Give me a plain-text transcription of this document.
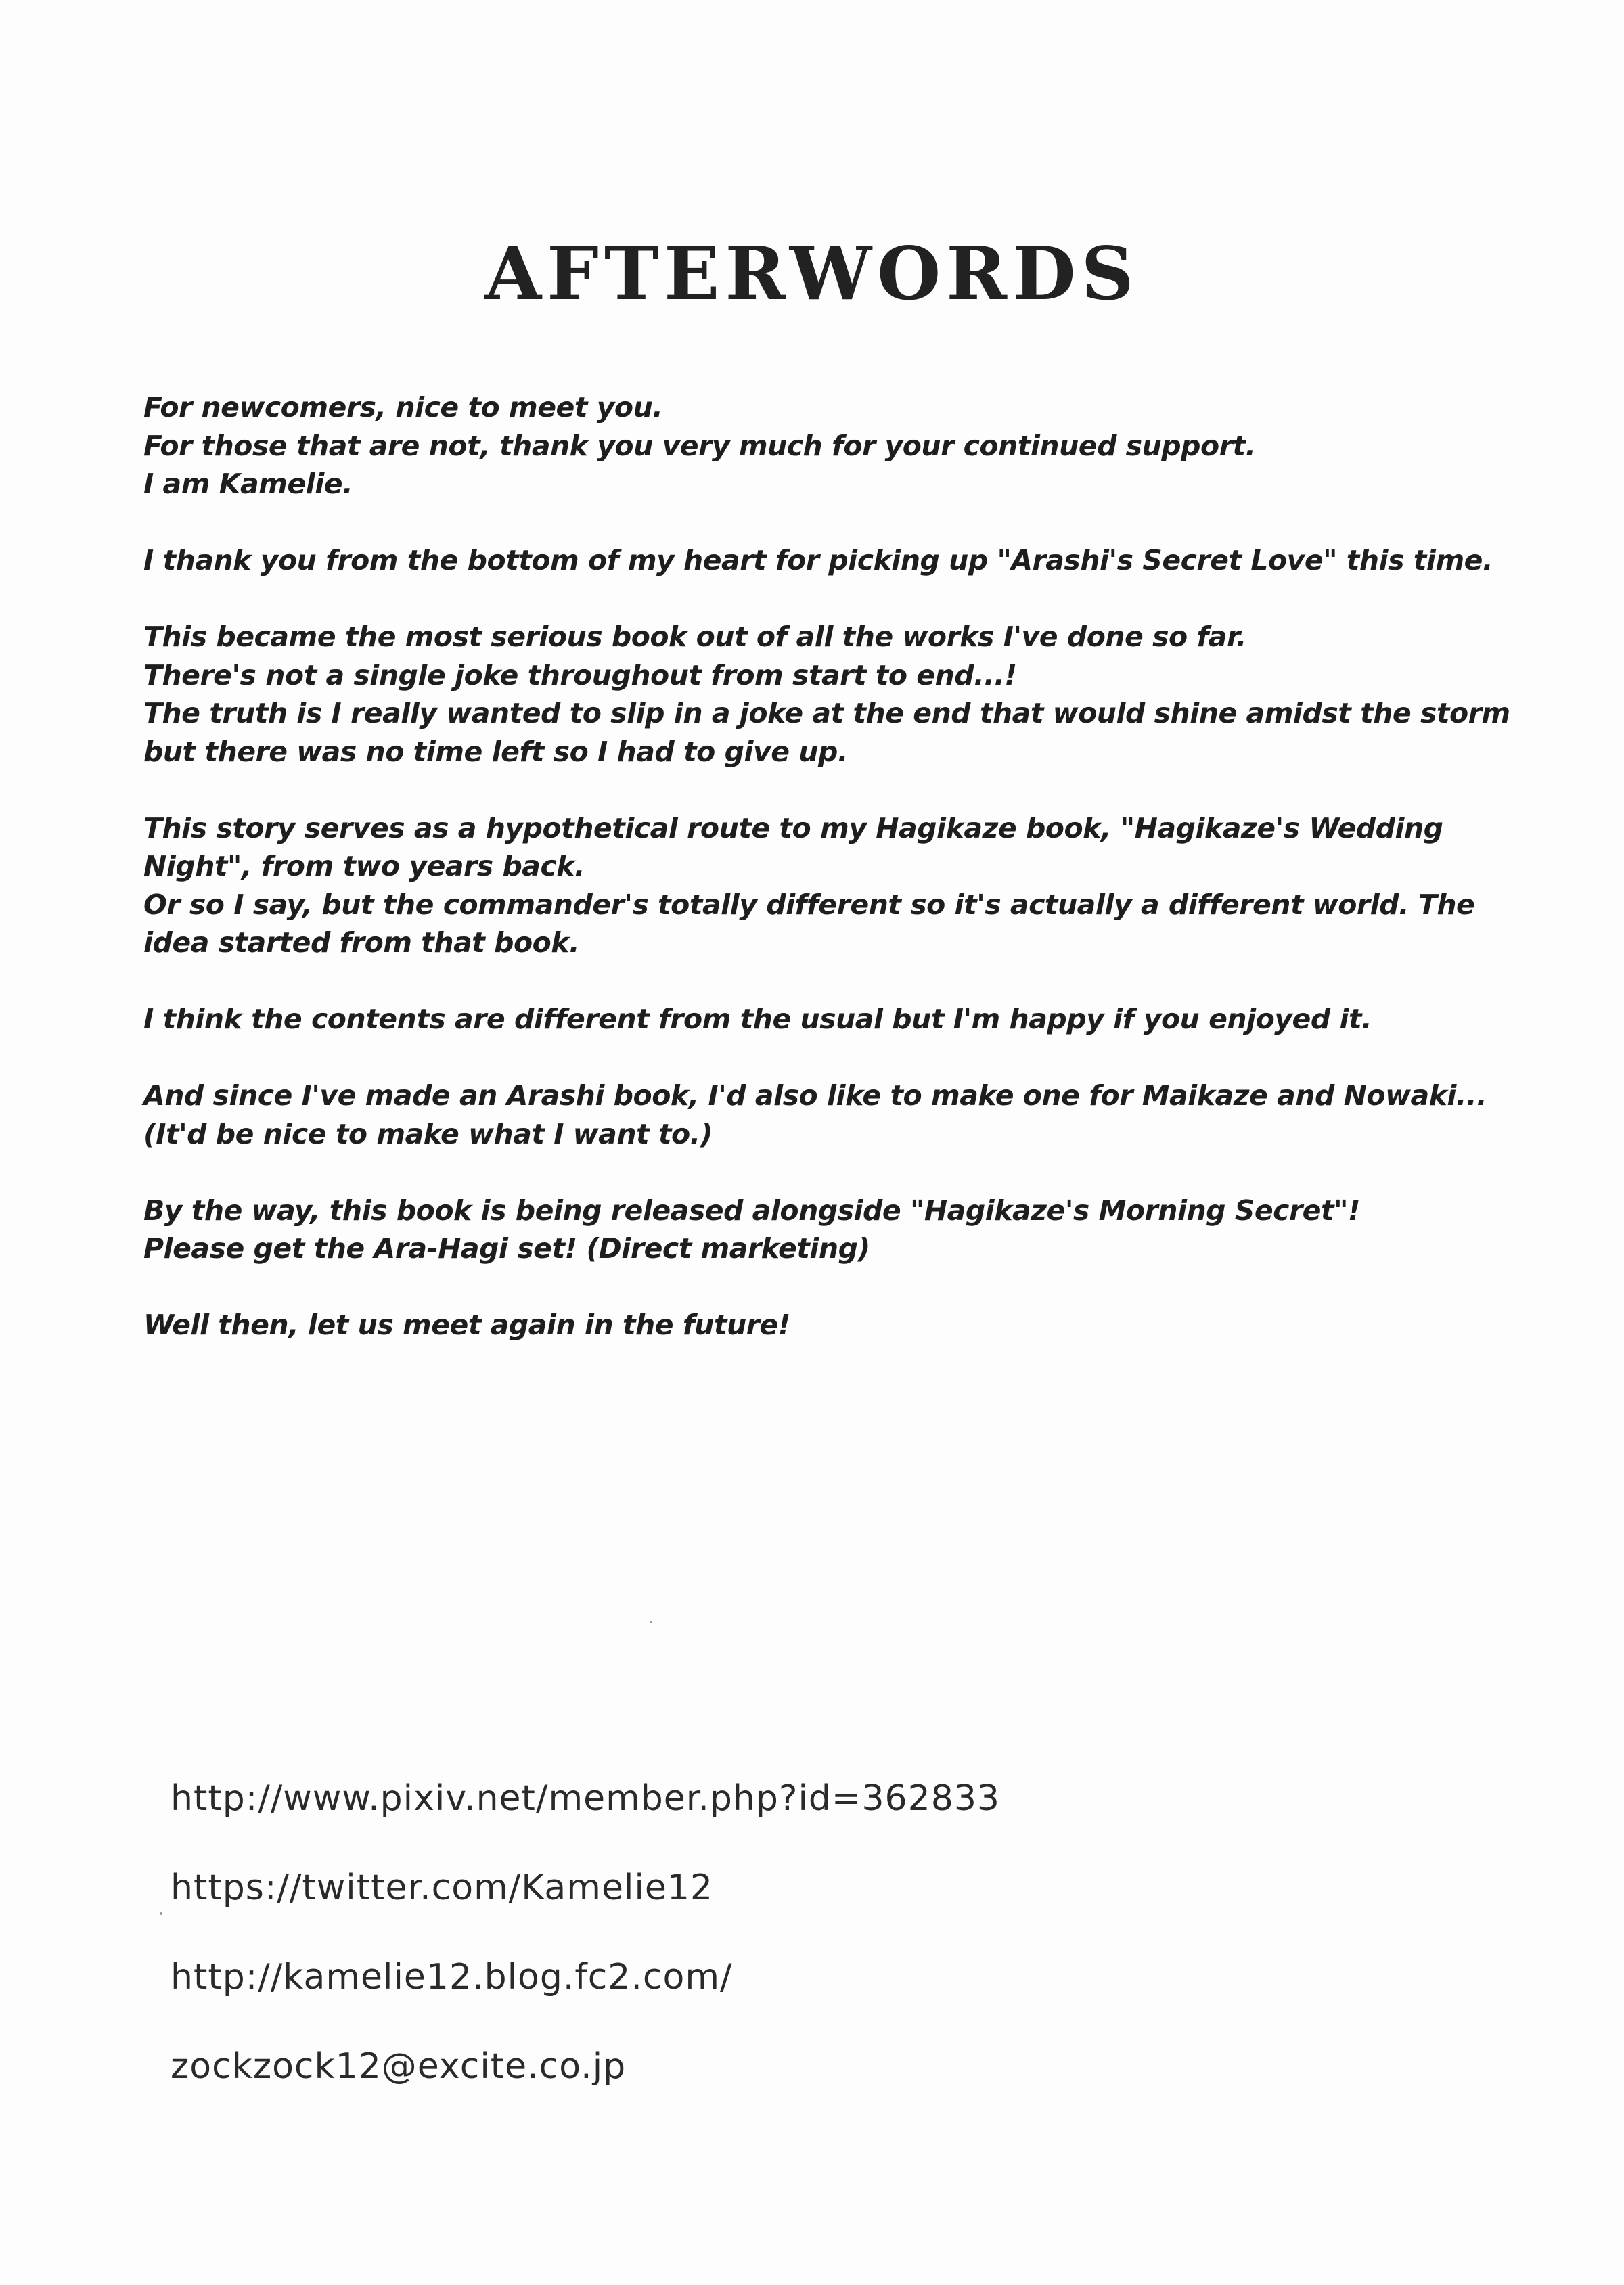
AFTERWORDS

For newcomers, nice to meet you.
For those that are not, thank you very much for your continued support.
I am Kamelie.

I thank you from the bottom of my heart for picking up "Arashi's Secret Love" this time.

This became the most serious book out of all the works I've done so far.
There's not a single joke throughout from start to end...!
The truth is I really wanted to slip in a joke at the end that would shine amidst the storm
but there was no time left so I had to give up.

This story serves as a hypothetical route to my Hagikaze book, "Hagikaze's Wedding
Night", from two years back.
Or so I say, but the commander's totally different so it's actually a different world. The
idea started from that book.

I think the contents are different from the usual but I'm happy if you enjoyed it.

And since I've made an Arashi book, I'd also like to make one for Maikaze and Nowaki...
(It'd be nice to make what I want to.)

By the way, this book is being released alongside "Hagikaze's Morning Secret"!
Please get the Ara-Hagi set! (Direct marketing)

Well then, let us meet again in the future!

http://www.pixiv.net/member.php?id=362833
https://twitter.com/Kamelie12
http://kamelie12.blog.fc2.com/
zockzock12@excite.co.jp
